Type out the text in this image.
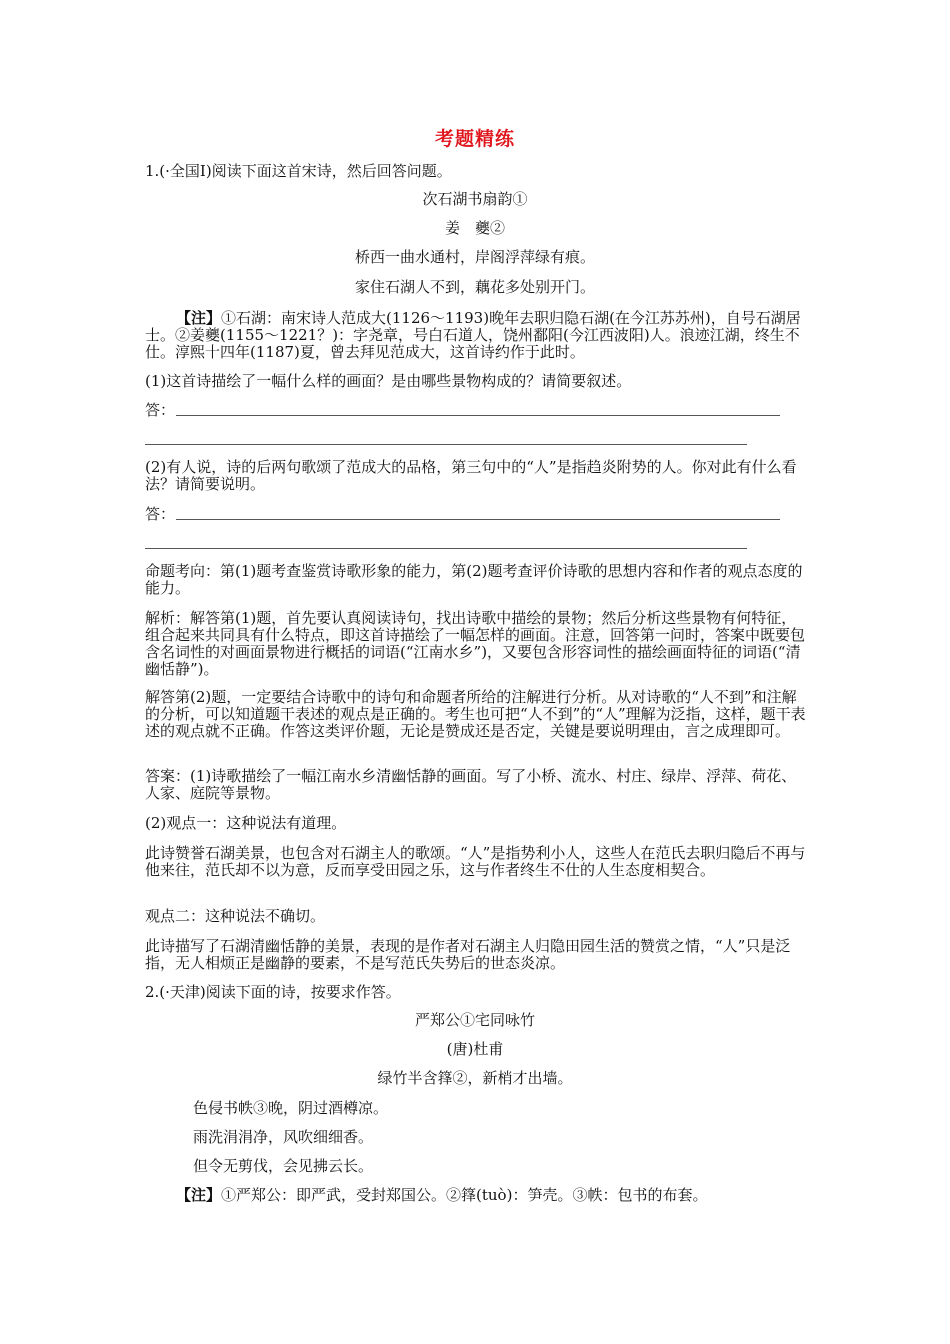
考题精练
1.(·全国Ⅰ)阅读下面这首宋诗，然后回答问题。
次石湖书扇韵①
姜　夔②
桥西一曲水通村，岸阁浮萍绿有痕。
家住石湖人不到，藕花多处别开门。
【注】①石湖：南宋诗人范成大(1126～1193)晚年去职归隐石湖(在今江苏苏州)，自号石湖居士。②姜夔(1155～1221？)：字尧章，号白石道人，饶州鄱阳(今江西波阳)人。浪迹江湖，终生不仕。淳熙十四年(1187)夏，曾去拜见范成大，这首诗约作于此时。
(1)这首诗描绘了一幅什么样的画面？是由哪些景物构成的？请简要叙述。
答：
(2)有人说，诗的后两句歌颂了范成大的品格，第三句中的“人”是指趋炎附势的人。你对此有什么看法？请简要说明。
答：
命题考向：第(1)题考查鉴赏诗歌形象的能力，第(2)题考查评价诗歌的思想内容和作者的观点态度的能力。
解析：解答第(1)题，首先要认真阅读诗句，找出诗歌中描绘的景物；然后分析这些景物有何特征，组合起来共同具有什么特点，即这首诗描绘了一幅怎样的画面。注意，回答第一问时，答案中既要包含名词性的对画面景物进行概括的词语(“江南水乡”)，又要包含形容词性的描绘画面特征的词语(“清幽恬静”)。
解答第(2)题，一定要结合诗歌中的诗句和命题者所给的注解进行分析。从对诗歌的“人不到”和注解的分析，可以知道题干表述的观点是正确的。考生也可把“人不到”的“人”理解为泛指，这样，题干表述的观点就不正确。作答这类评价题，无论是赞成还是否定，关键是要说明理由，言之成理即可。
答案：(1)诗歌描绘了一幅江南水乡清幽恬静的画面。写了小桥、流水、村庄、绿岸、浮萍、荷花、人家、庭院等景物。
(2)观点一：这种说法有道理。
此诗赞誉石湖美景，也包含对石湖主人的歌颂。“人”是指势利小人，这些人在范氏去职归隐后不再与他来往，范氏却不以为意，反而享受田园之乐，这与作者终生不仕的人生态度相契合。
观点二：这种说法不确切。
此诗描写了石湖清幽恬静的美景，表现的是作者对石湖主人归隐田园生活的赞赏之情，“人”只是泛指，无人相烦正是幽静的要素，不是写范氏失势后的世态炎凉。
2.(·天津)阅读下面的诗，按要求作答。
严郑公①宅同咏竹
(唐)杜甫
绿竹半含箨②，新梢才出墙。
色侵书帙③晚，阴过酒樽凉。
雨洗涓涓净，风吹细细香。
但令无剪伐，会见拂云长。
【注】①严郑公：即严武，受封郑国公。②箨(tuò)：笋壳。③帙：包书的布套。
